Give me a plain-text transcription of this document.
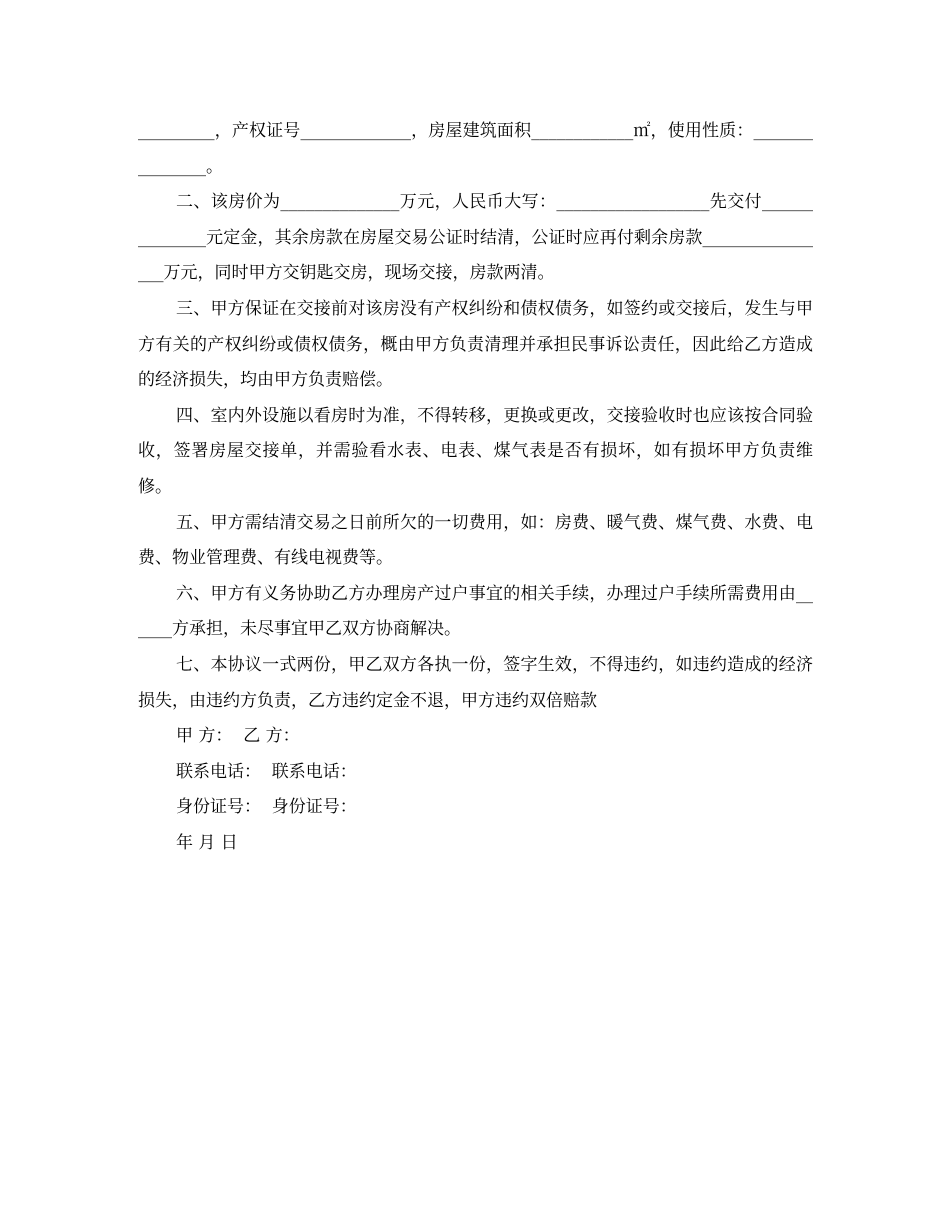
_________，产权证号_____________，房屋建筑面积____________㎡，使用性质：_______________。

二、该房价为______________万元，人民币大写：__________________先交付______________元定金，其余房款在房屋交易公证时结清，公证时应再付剩余房款________________万元，同时甲方交钥匙交房，现场交接，房款两清。

三、甲方保证在交接前对该房没有产权纠纷和债权债务，如签约或交接后，发生与甲方有关的产权纠纷或债权债务，概由甲方负责清理并承担民事诉讼责任，因此给乙方造成的经济损失，均由甲方负责赔偿。

四、室内外设施以看房时为准，不得转移，更换或更改，交接验收时也应该按合同验收，签署房屋交接单，并需验看水表、电表、煤气表是否有损坏，如有损坏甲方负责维修。

五、甲方需结清交易之日前所欠的一切费用，如：房费、暖气费、煤气费、水费、电费、物业管理费、有线电视费等。

六、甲方有义务协助乙方办理房产过户事宜的相关手续，办理过户手续所需费用由______方承担，未尽事宜甲乙双方协商解决。

七、本协议一式两份，甲乙双方各执一份，签字生效，不得违约，如违约造成的经济损失，由违约方负责，乙方违约定金不退，甲方违约双倍赔款

甲 方：  乙 方：

联系电话：  联系电话：

身份证号：  身份证号：

年 月 日
